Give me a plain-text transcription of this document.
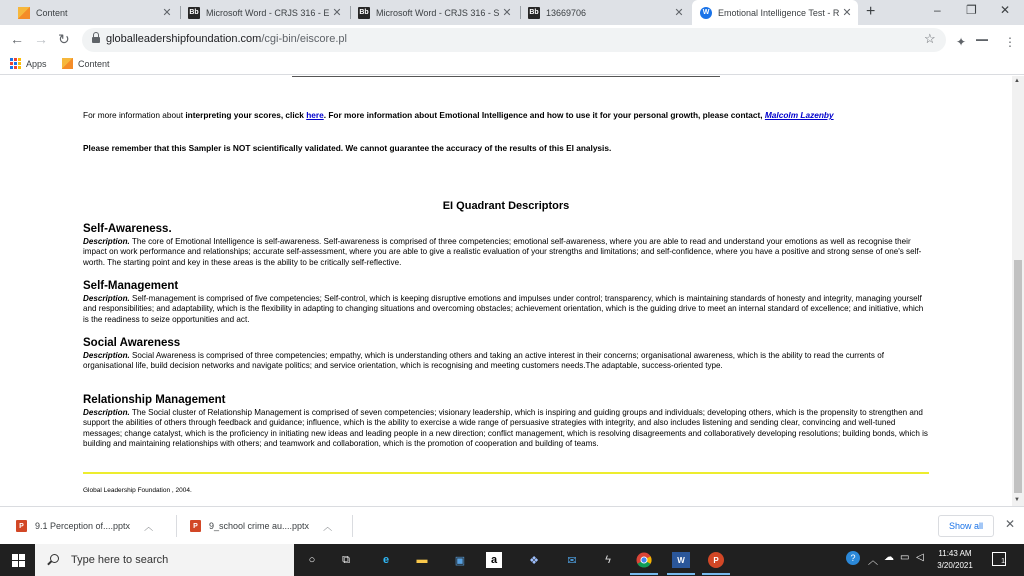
Content	✕	Bb Microsoft Word - CRJS 316 - E ✕	Bb Microsoft Word - CRJS 316 - S ✕	Bb 13669706	✕	W Emotional Intelligence Test - R ✕ +	– ❐ ✕
← → ↻	globalleadershipfoundation.com/cgi-bin/eiscore.pl	☆ ✦ ▬▬ ⋮
Apps	Content
For more information about interpreting your scores, click here. For more information about Emotional Intelligence and how to use it for your personal growth, please contact, Malcolm Lazenby
Please remember that this Sampler is NOT scientifically validated. We cannot guarantee the accuracy of the results of this EI analysis.
EI Quadrant Descriptors
Self-Awareness.
Description. The core of Emotional Intelligence is self-awareness. Self-awareness is comprised of three competencies; emotional self-awareness, where you are able to read and understand your emotions as well as recognise their impact on work performance and relationships; accurate self-assessment, where you are able to give a realistic evaluation of your strengths and limitations; and self-confidence, where you have a positive and strong sense of one's self-worth. The starting point and key in these areas is the ability to be critically self-reflective.
Self-Management
Description. Self-management is comprised of five competencies; Self-control, which is keeping disruptive emotions and impulses under control; transparency, which is maintaining standards of honesty and integrity, managing yourself and responsibilities; and adaptability, which is the flexibility in adapting to changing situations and overcoming obstacles; achievement orientation, which is the guiding drive to meet an internal standard of excellence; and initiative, which is the readiness to seize opportunities and act.
Social Awareness
Description. Social Awareness is comprised of three competencies; empathy, which is understanding others and taking an active interest in their concerns; organisational awareness, which is the ability to read the currents of organisational life, build decision networks and navigate politics; and service orientation, which is recognising and meeting customers needs.The adaptable, success-oriented type.
Relationship Management
Description. The Social cluster of Relationship Management is comprised of seven competencies; visionary leadership, which is inspiring and guiding groups and individuals; developing others, which is the propensity to strengthen and support the abilities of others through feedback and guidance; influence, which is the ability to exercise a wide range of persuasive strategies with integrity, and also includes listening and sending clear, convincing and well-tuned messages; change catalyst, which is the proficiency in initiating new ideas and leading people in a new direction; conflict management, which is resolving disagreements and collaboratively developing resolutions; building bonds, which is building and maintaining relationships with others; and teamwork and collaboration, which is the promotion of cooperation and building of teams.
Global Leadership Foundation , 2004.
▲
▼
P	9.1 Perception of....pptx ︿	P	9_school crime au....pptx ︿	Show all	✕
Type here to search	○	⧉	e	▬	▣	a	❖	✉	ϟ	W	P	?	︿ ☁ ▭ ◁	11:43 AM
3/20/2021	1
